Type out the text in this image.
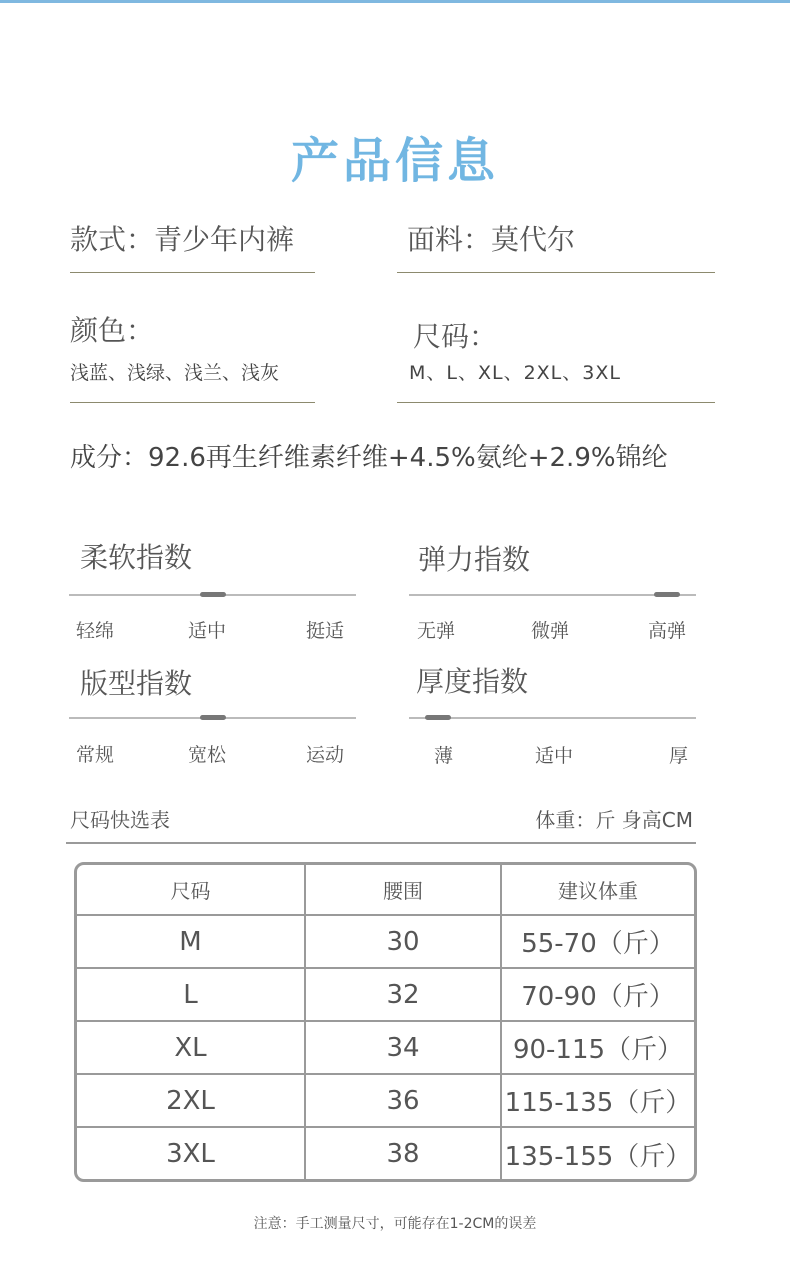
产品信息
款式：青少年内裤	面料：莫代尔
颜色：
浅蓝、浅绿、浅兰、浅灰
尺码：
M、L、XL、2XL、3XL
成分：92.6再生纤维素纤维+4.5%氨纶+2.9%锦纶
柔软指数
轻绵	适中	挺适
弹力指数
无弹	微弹	高弹
版型指数
常规	宽松	运动
厚度指数
薄	适中	厚
尺码快选表	体重：斤 身高CM
尺码	腰围	建议体重
M	30	55-70（斤）
L	32	70-90（斤）
XL	34	90-115（斤）
2XL	36	115-135（斤）
3XL	38	135-155（斤）
注意：手工测量尺寸，可能存在1-2CM的误差
